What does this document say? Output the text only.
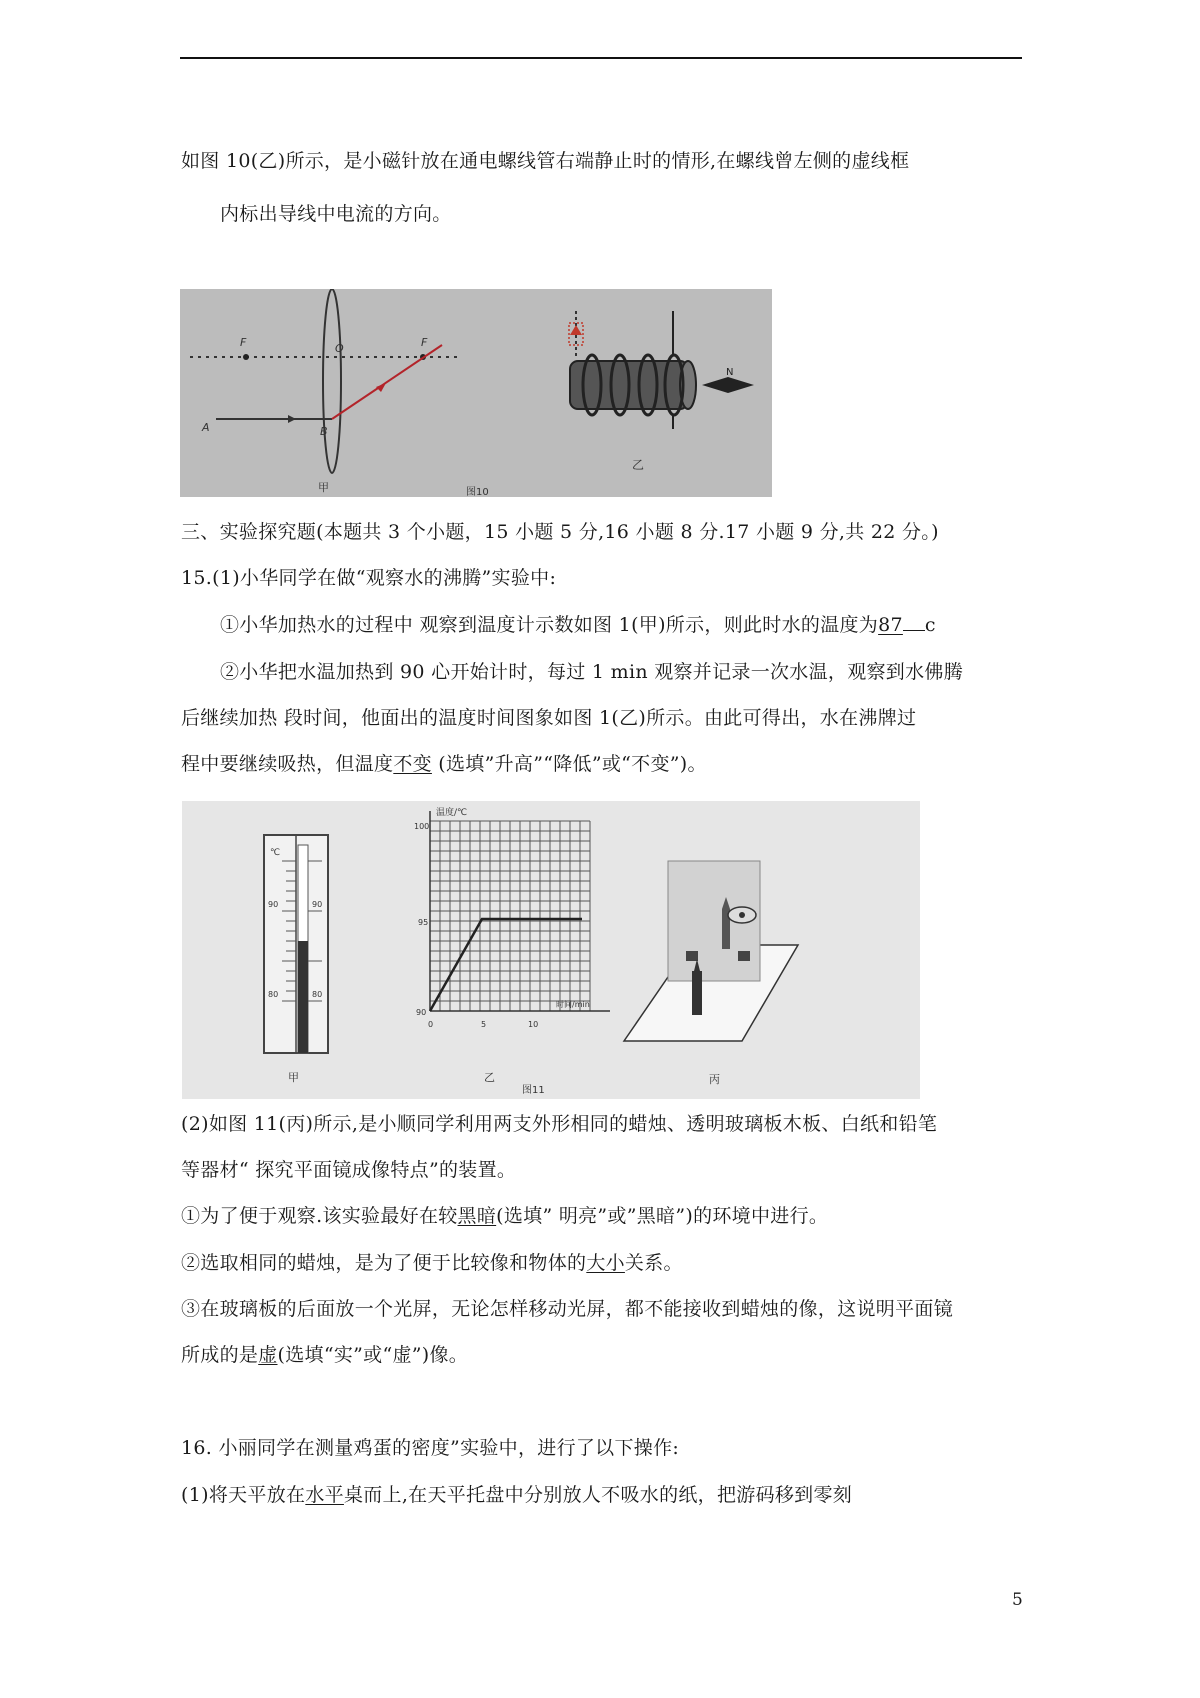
如图 10(乙)所示，是小磁针放在通电螺线管右端静止时的情形,在螺线曾左侧的虚线框
内标出导线中电流的方向。
F	O	F
A	B
甲
N
乙
图10
三、实验探究题(本题共 3 个小题，15 小题 5 分,16 小题 8 分.17 小题 9 分,共 22 分。)
15.(1)小华同学在做“观察水的沸腾”实验中:
①小华加热水的过程中 观察到温度计示数如图 1(甲)所示，则此时水的温度为87 c
②小华把水温加热到 90 心开始计时，每过 1 min 观察并记录一次水温，观察到水佛腾
后继续加热 段时间，他面出的温度时间图象如图 1(乙)所示。由此可得出，水在沸牌过
程中要继续吸热，但温度不变 (选填”升高”“降低”或“不变”)。
℃
90	90
80	80
甲
温度/℃
时间/min
100
95
90
0	5	10
乙
图11
丙
(2)如图 11(丙)所示,是小顺同学利用两支外形相同的蜡烛、透明玻璃板木板、白纸和铅笔
等器材“ 探究平面镜成像特点”的装置。
①为了便于观察.该实验最好在较黑暗(选填” 明亮”或”黑暗”)的环境中进行。
②选取相同的蜡烛，是为了便于比较像和物体的大小关系。
③在玻璃板的后面放一个光屏，无论怎样移动光屏，都不能接收到蜡烛的像，这说明平面镜
所成的是虚(选填“实”或“虚”)像。
16. 小丽同学在测量鸡蛋的密度”实验中，进行了以下操作:
(1)将天平放在水平桌而上,在天平托盘中分别放人不吸水的纸，把游码移到零刻
5
